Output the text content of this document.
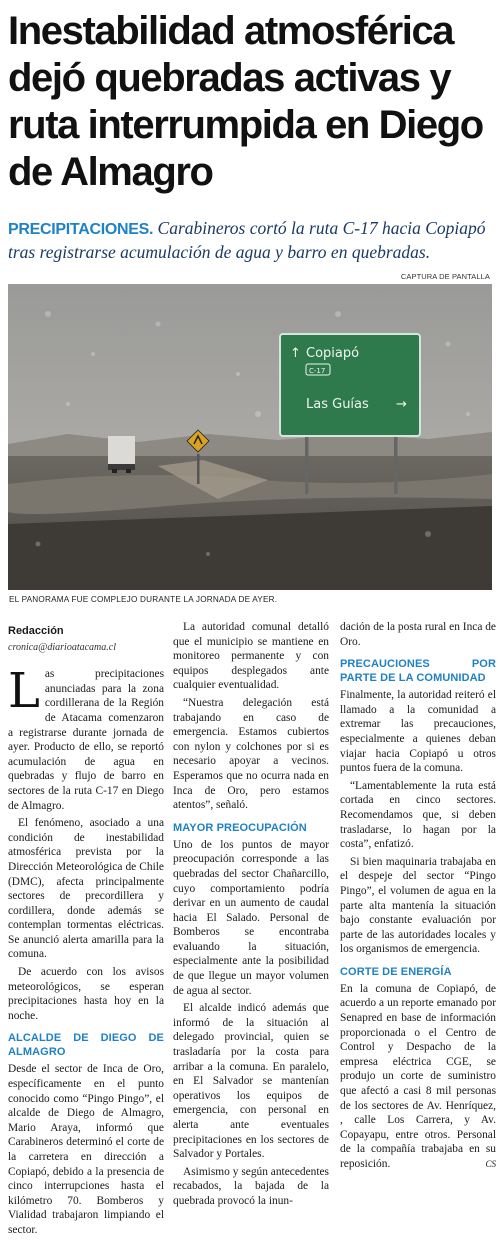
Inestabilidad atmosférica dejó quebradas activas y ruta interrumpida en Diego de Almagro

PRECIPITACIONES. Carabineros cortó la ruta C-17 hacia Copiapó tras registrarse acumulación de agua y barro en quebradas.

CAPTURA DE PANTALLA
↑ Copiapó
C-17
Las Guías →
EL PANORAMA FUE COMPLEJO DURANTE LA JORNADA DE AYER.
Redacción
cronica@diarioatacama.cl

Las precipitaciones anunciadas para la zona cordillerana de la Región de Atacama comenzaron a registrarse durante jornada de ayer. Producto de ello, se reportó acumulación de agua en quebradas y flujo de barro en sectores de la ruta C-17 en Diego de Almagro.

El fenómeno, asociado a una condición de inestabilidad atmosférica prevista por la Dirección Meteorológica de Chile (DMC), afecta principalmente sectores de precordillera y cordillera, donde además se contemplan tormentas eléctricas. Se anunció alerta amarilla para la comuna.

De acuerdo con los avisos meteorológicos, se esperan precipitaciones hasta hoy en la noche.

ALCALDE DE DIEGO DE ALMAGRO

Desde el sector de Inca de Oro, específicamente en el punto conocido como “Pingo Pingo”, el alcalde de Diego de Almagro, Mario Araya, informó que Carabineros determinó el corte de la carretera en dirección a Copiapó, debido a la presencia de cinco interrupciones hasta el kilómetro 70. Bomberos y Vialidad trabajaron limpiando el sector.

La autoridad comunal detalló que el municipio se mantiene en monitoreo permanente y con equipos desplegados ante cualquier eventualidad.

“Nuestra delegación está trabajando en caso de emergencia. Estamos cubiertos con nylon y colchones por si es necesario apoyar a vecinos. Esperamos que no ocurra nada en Inca de Oro, pero estamos atentos”, señaló.

MAYOR PREOCUPACIÓN

Uno de los puntos de mayor preocupación corresponde a las quebradas del sector Chañarcillo, cuyo comportamiento podría derivar en un aumento de caudal hacia El Salado. Personal de Bomberos se encontraba evaluando la situación, especialmente ante la posibilidad de que llegue un mayor volumen de agua al sector.

El alcalde indicó además que informó de la situación al delegado provincial, quien se trasladaría por la costa para arribar a la comuna. En paralelo, en El Salvador se mantenían operativos los equipos de emergencia, con personal en alerta ante eventuales precipitaciones en los sectores de Salvador y Portales.

Asimismo y según antecedentes recabados, la bajada de la quebrada provocó la inun-

dación de la posta rural en Inca de Oro.

PRECAUCIONES POR PARTE DE LA COMUNIDAD

Finalmente, la autoridad reiteró el llamado a la comunidad a extremar las precauciones, especialmente a quienes deban viajar hacia Copiapó u otros puntos fuera de la comuna.

“Lamentablemente la ruta está cortada en cinco sectores. Recomendamos que, si deben trasladarse, lo hagan por la costa”, enfatizó.

Si bien maquinaria trabajaba en el despeje del sector “Pingo Pingo”, el volumen de agua en la parte alta mantenía la situación bajo constante evaluación por parte de las autoridades locales y los organismos de emergencia.

CORTE DE ENERGÍA

En la comuna de Copiapó, de acuerdo a un reporte emanado por Senapred en base de información proporcionada o el Centro de Control y Despacho de la empresa eléctrica CGE, se produjo un corte de suministro que afectó a casi 8 mil personas de los sectores de Av. Henríquez, , calle Los Carrera, y Av. Copayapu, entre otros. Personal de la compañía trabajaba en su reposición.	CS
